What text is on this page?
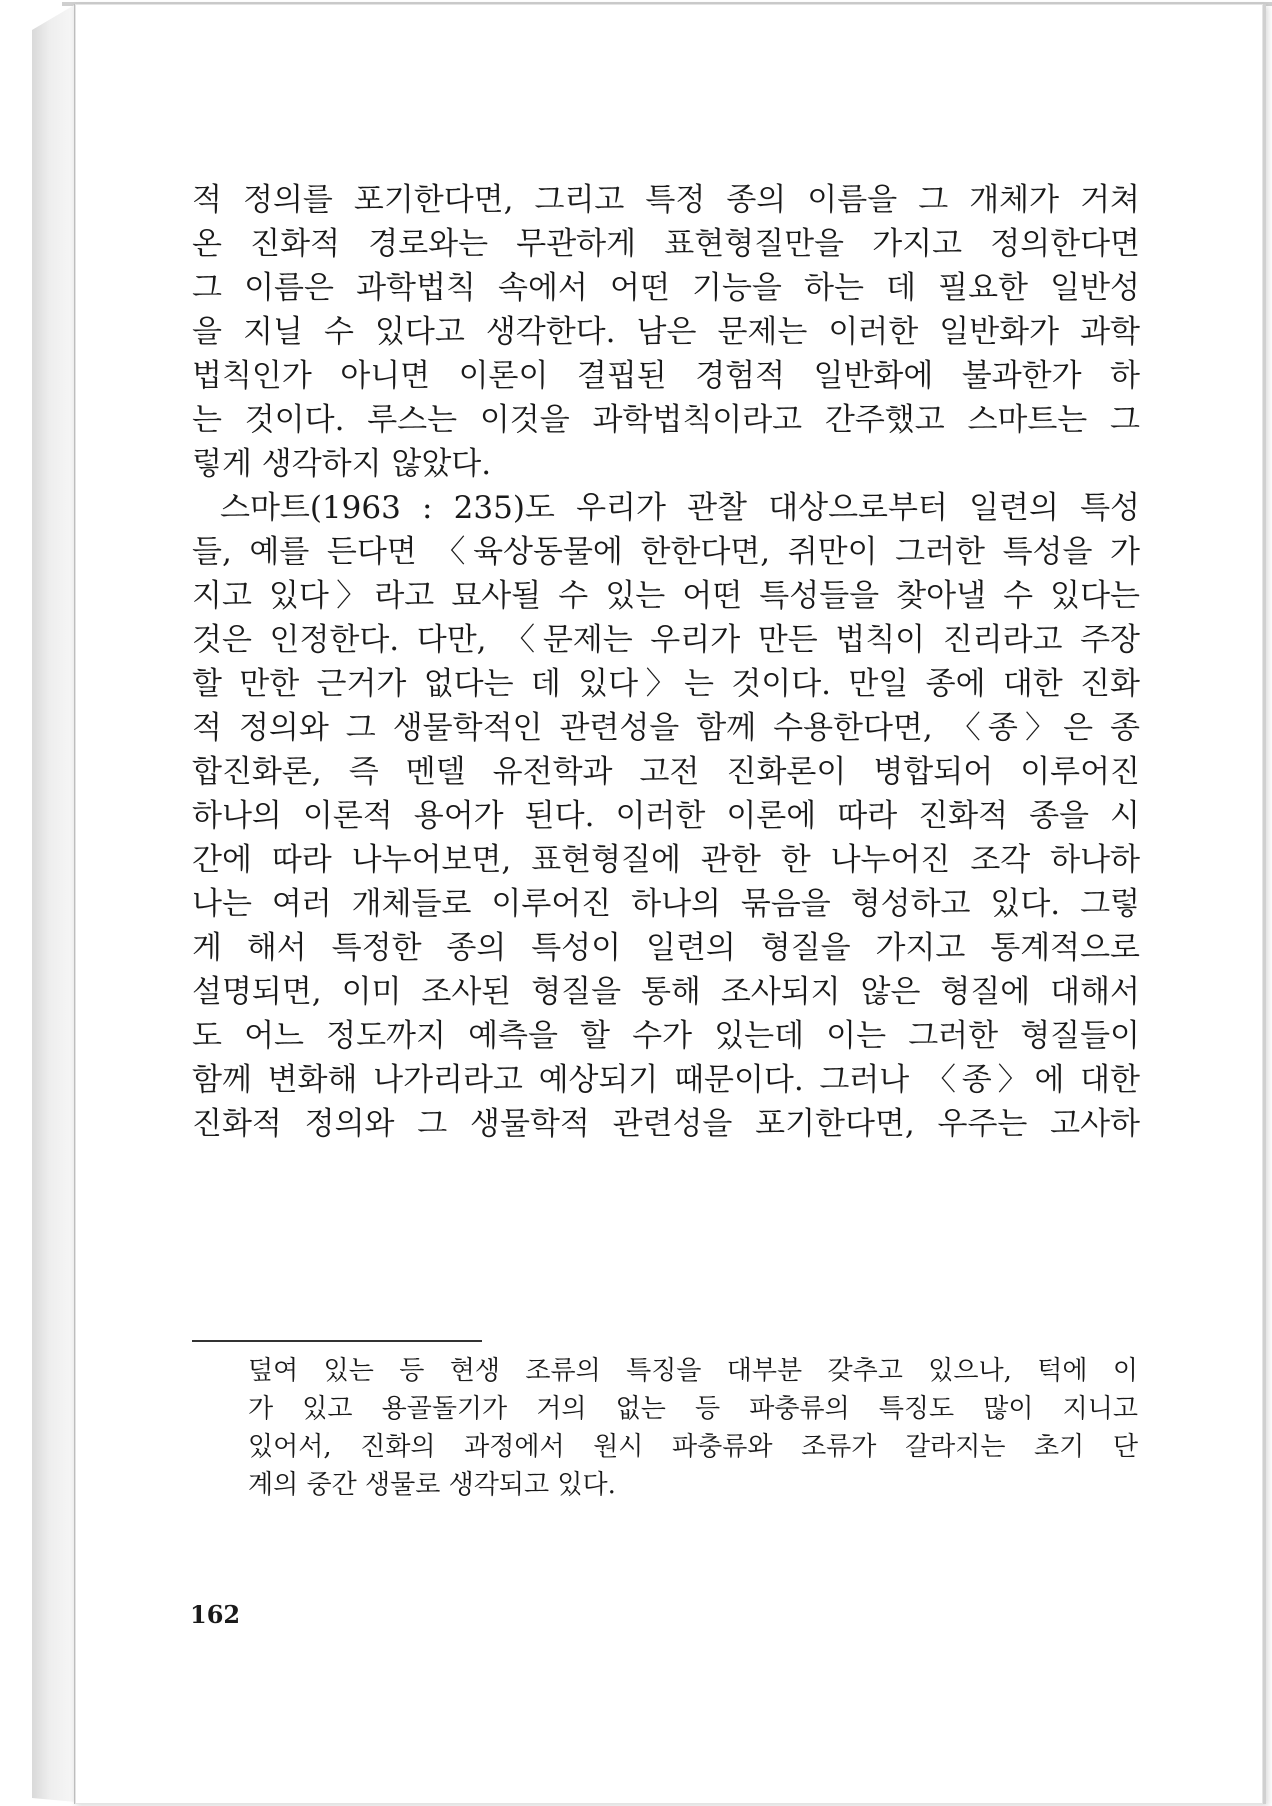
적 정의를 포기한다면, 그리고 특정 종의 이름을 그 개체가 거쳐
온 진화적 경로와는 무관하게 표현형질만을 가지고 정의한다면
그 이름은 과학법칙 속에서 어떤 기능을 하는 데 필요한 일반성
을 지닐 수 있다고 생각한다. 남은 문제는 이러한 일반화가 과학
법칙인가 아니면 이론이 결핍된 경험적 일반화에 불과한가 하
는 것이다. 루스는 이것을 과학법칙이라고 간주했고 스마트는 그
렇게 생각하지 않았다.
스마트(1963 : 235)도 우리가 관찰 대상으로부터 일련의 특성
들, 예를 든다면 〈육상동물에 한한다면, 쥐만이 그러한 특성을 가
지고 있다〉라고 묘사될 수 있는 어떤 특성들을 찾아낼 수 있다는
것은 인정한다. 다만, 〈문제는 우리가 만든 법칙이 진리라고 주장
할 만한 근거가 없다는 데 있다〉는 것이다. 만일 종에 대한 진화
적 정의와 그 생물학적인 관련성을 함께 수용한다면, 〈종〉은 종
합진화론, 즉 멘델 유전학과 고전 진화론이 병합되어 이루어진
하나의 이론적 용어가 된다. 이러한 이론에 따라 진화적 종을 시
간에 따라 나누어보면, 표현형질에 관한 한 나누어진 조각 하나하
나는 여러 개체들로 이루어진 하나의 묶음을 형성하고 있다. 그렇
게 해서 특정한 종의 특성이 일련의 형질을 가지고 통계적으로
설명되면, 이미 조사된 형질을 통해 조사되지 않은 형질에 대해서
도 어느 정도까지 예측을 할 수가 있는데 이는 그러한 형질들이
함께 변화해 나가리라고 예상되기 때문이다. 그러나 〈종〉에 대한
진화적 정의와 그 생물학적 관련성을 포기한다면, 우주는 고사하
덮여 있는 등 현생 조류의 특징을 대부분 갖추고 있으나, 턱에 이
가 있고 용골돌기가 거의 없는 등 파충류의 특징도 많이 지니고
있어서, 진화의 과정에서 원시 파충류와 조류가 갈라지는 초기 단
계의 중간 생물로 생각되고 있다.
162
